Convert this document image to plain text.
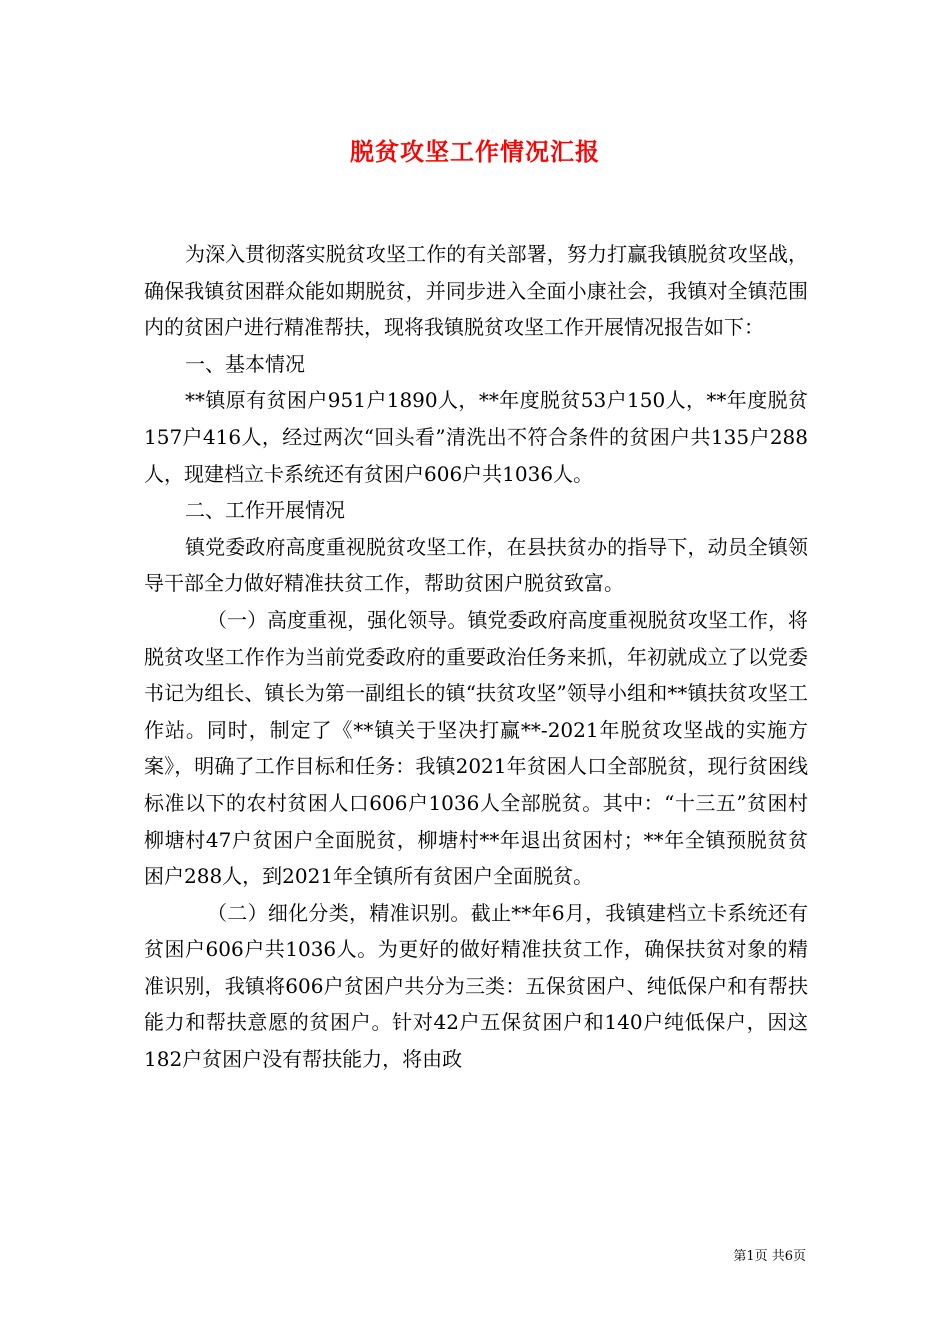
脱贫攻坚工作情况汇报

为深入贯彻落实脱贫攻坚工作的有关部署，努力打赢我镇脱贫攻坚战，确保我镇贫困群众能如期脱贫，并同步进入全面小康社会，我镇对全镇范围内的贫困户进行精准帮扶，现将我镇脱贫攻坚工作开展情况报告如下：

一、基本情况

**镇原有贫困户951户1890人，**年度脱贫53户150人，**年度脱贫157户416人，经过两次“回头看”清洗出不符合条件的贫困户共135户288人，现建档立卡系统还有贫困户606户共1036人。

二、工作开展情况

镇党委政府高度重视脱贫攻坚工作，在县扶贫办的指导下，动员全镇领导干部全力做好精准扶贫工作，帮助贫困户脱贫致富。

（一）高度重视，强化领导。镇党委政府高度重视脱贫攻坚工作，将脱贫攻坚工作作为当前党委政府的重要政治任务来抓，年初就成立了以党委书记为组长、镇长为第一副组长的镇“扶贫攻坚”领导小组和**镇扶贫攻坚工作站。同时，制定了《**镇关于坚决打赢**-2021年脱贫攻坚战的实施方案》，明确了工作目标和任务：我镇2021年贫困人口全部脱贫，现行贫困线标准以下的农村贫困人口606户1036人全部脱贫。其中：“十三五”贫困村柳塘村47户贫困户全面脱贫，柳塘村**年退出贫困村；**年全镇预脱贫贫困户288人，到2021年全镇所有贫困户全面脱贫。

（二）细化分类，精准识别。截止**年6月，我镇建档立卡系统还有贫困户606户共1036人。为更好的做好精准扶贫工作，确保扶贫对象的精准识别，我镇将606户贫困户共分为三类：五保贫困户、纯低保户和有帮扶能力和帮扶意愿的贫困户。针对42户五保贫困户和140户纯低保户，因这182户贫困户没有帮扶能力，将由政

第1页 共6页
